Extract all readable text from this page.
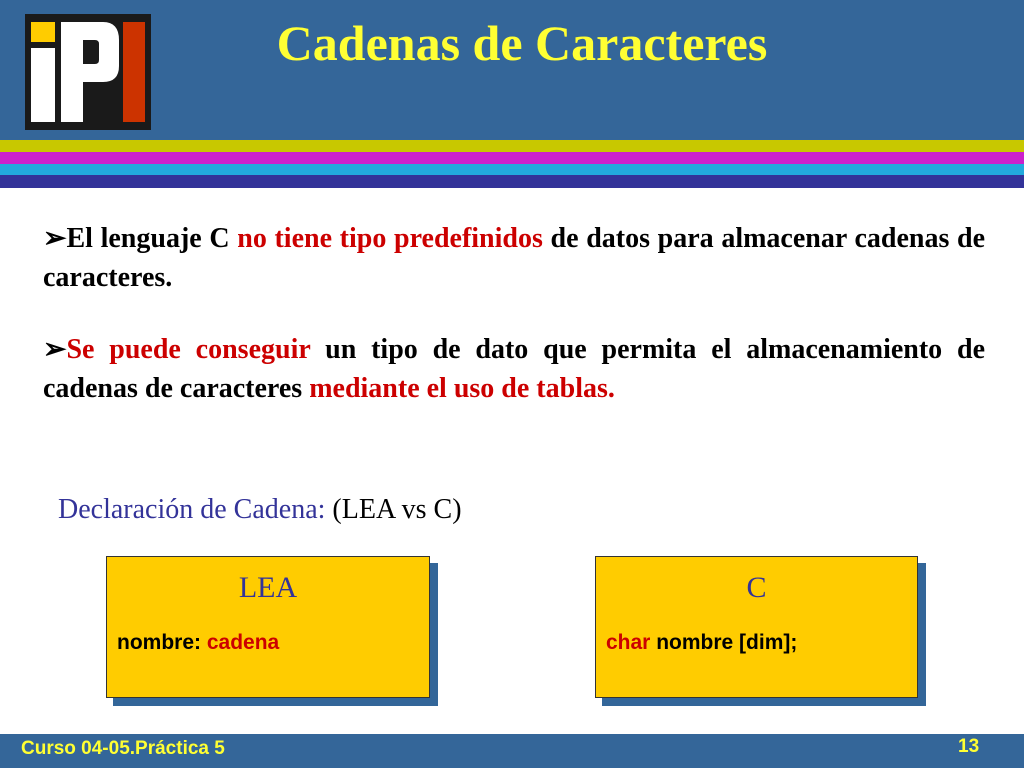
Cadenas de Caracteres
➢El lenguaje C no tiene tipo predefinidos de datos para almacenar cadenas de caracteres.
➢Se puede conseguir un tipo de dato que permita el almacenamiento de cadenas de caracteres mediante el uso de tablas.
Declaración de Cadena: (LEA vs C)
LEA
nombre: cadena
C
char nombre [dim];
Curso 04-05.Práctica 5	13
